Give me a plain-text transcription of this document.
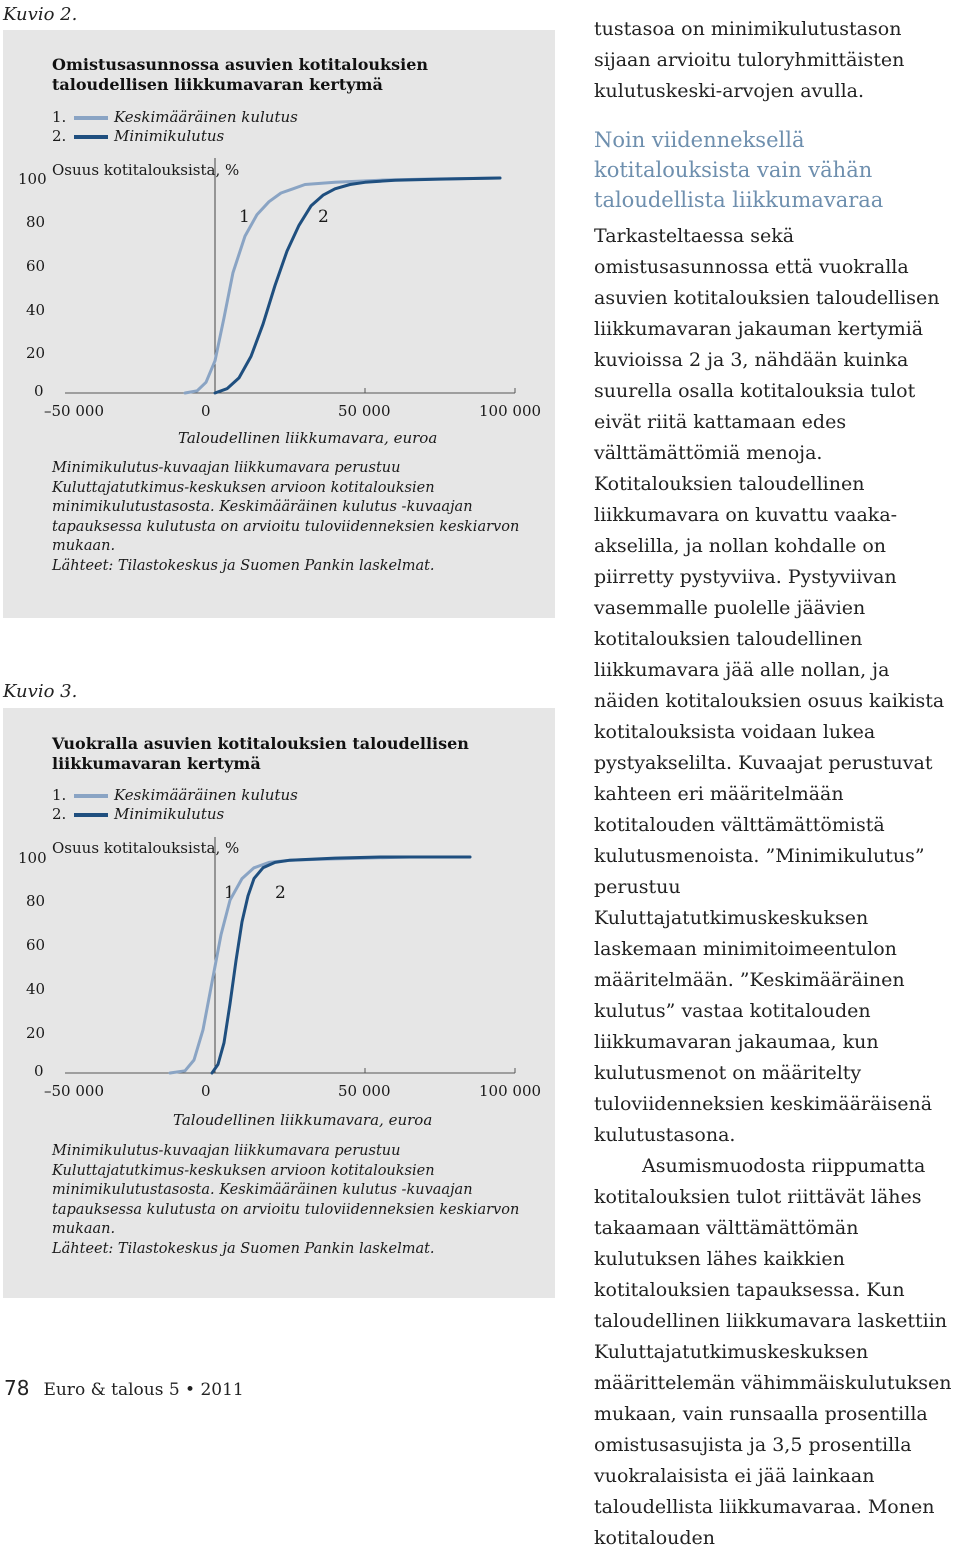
Kuvio 2.
Omistusasunnossa asuvien kotitalouksien taloudellisen liikkumavaran kertymä
1.	Keskimääräinen kulutus
2.	Minimikulutus
Osuus kotitalouksista, %
100
80
60
40
20
0
–50 000	0	50 000	100 000
Taloudellinen liikkumavara, euroa
1	2
Minimikulutus-kuvaajan liikkumavara perustuu Kuluttajatutkimus-keskuksen arvioon kotitalouksien minimikulutustasosta. Keskimääräinen kulutus -kuvaajan tapauksessa kulutusta on arvioitu tuloviidenneksien keskiarvon mukaan.
Lähteet: Tilastokeskus ja Suomen Pankin laskelmat.
Kuvio 3.
Vuokralla asuvien kotitalouksien taloudellisen liikkumavaran kertymä
1.	Keskimääräinen kulutus
2.	Minimikulutus
Osuus kotitalouksista, %
100
80
60
40
20
0
–50 000	0	50 000	100 000
Taloudellinen liikkumavara, euroa
1 2
Minimikulutus-kuvaajan liikkumavara perustuu Kuluttajatutkimus-keskuksen arvioon kotitalouksien minimikulutustasosta. Keskimääräinen kulutus -kuvaajan tapauksessa kulutusta on arvioitu tuloviidenneksien keskiarvon mukaan.
Lähteet: Tilastokeskus ja Suomen Pankin laskelmat.
tustasoa on minimikulutustason sijaan arvioitu tuloryhmittäisten kulutuskeski-arvojen avulla.
Noin viidenneksellä kotitalouksista vain vähän taloudellista liikkumavaraa
Tarkasteltaessa sekä omistusasunnossa että vuokralla asuvien kotitalouksien taloudellisen liikkumavaran jakauman kertymiä kuvioissa 2 ja 3, nähdään kuinka suurella osalla kotitalouksia tulot eivät riitä kattamaan edes välttämättömiä menoja. Kotitalouksien taloudellinen liikkumavara on kuvattu vaaka-akselilla, ja nollan kohdalle on piirretty pystyviiva. Pystyviivan vasemmalle puolelle jäävien kotitalouksien taloudellinen liikkumavara jää alle nollan, ja näiden kotitalouksien osuus kaikista kotitalouksista voidaan lukea pystyakselilta. Kuvaajat perustuvat kahteen eri määritelmään kotitalouden välttämättömistä kulutusmenoista. ”Minimikulutus” perustuu Kuluttajatutkimuskeskuksen laskemaan minimitoimeentulon määritelmään. ”Keskimääräinen kulutus” vastaa kotitalouden liikkumavaran jakaumaa, kun kulutusmenot on määritelty tuloviidenneksien keskimääräisenä kulutustasona.
Asumismuodosta riippumatta kotitalouksien tulot riittävät lähes takaamaan välttämättömän kulutuksen lähes kaikkien kotitalouksien tapauksessa. Kun taloudellinen liikkumavara laskettiin Kuluttajatutkimuskeskuksen määrittelemän vähimmäiskulutuksen mukaan, vain runsaalla prosentilla omistusasujista ja 3,5 prosentilla vuokralaisista ei jää lainkaan taloudellista liikkumavaraa. Monen kotitalouden
78 Euro & talous 5 • 2011
